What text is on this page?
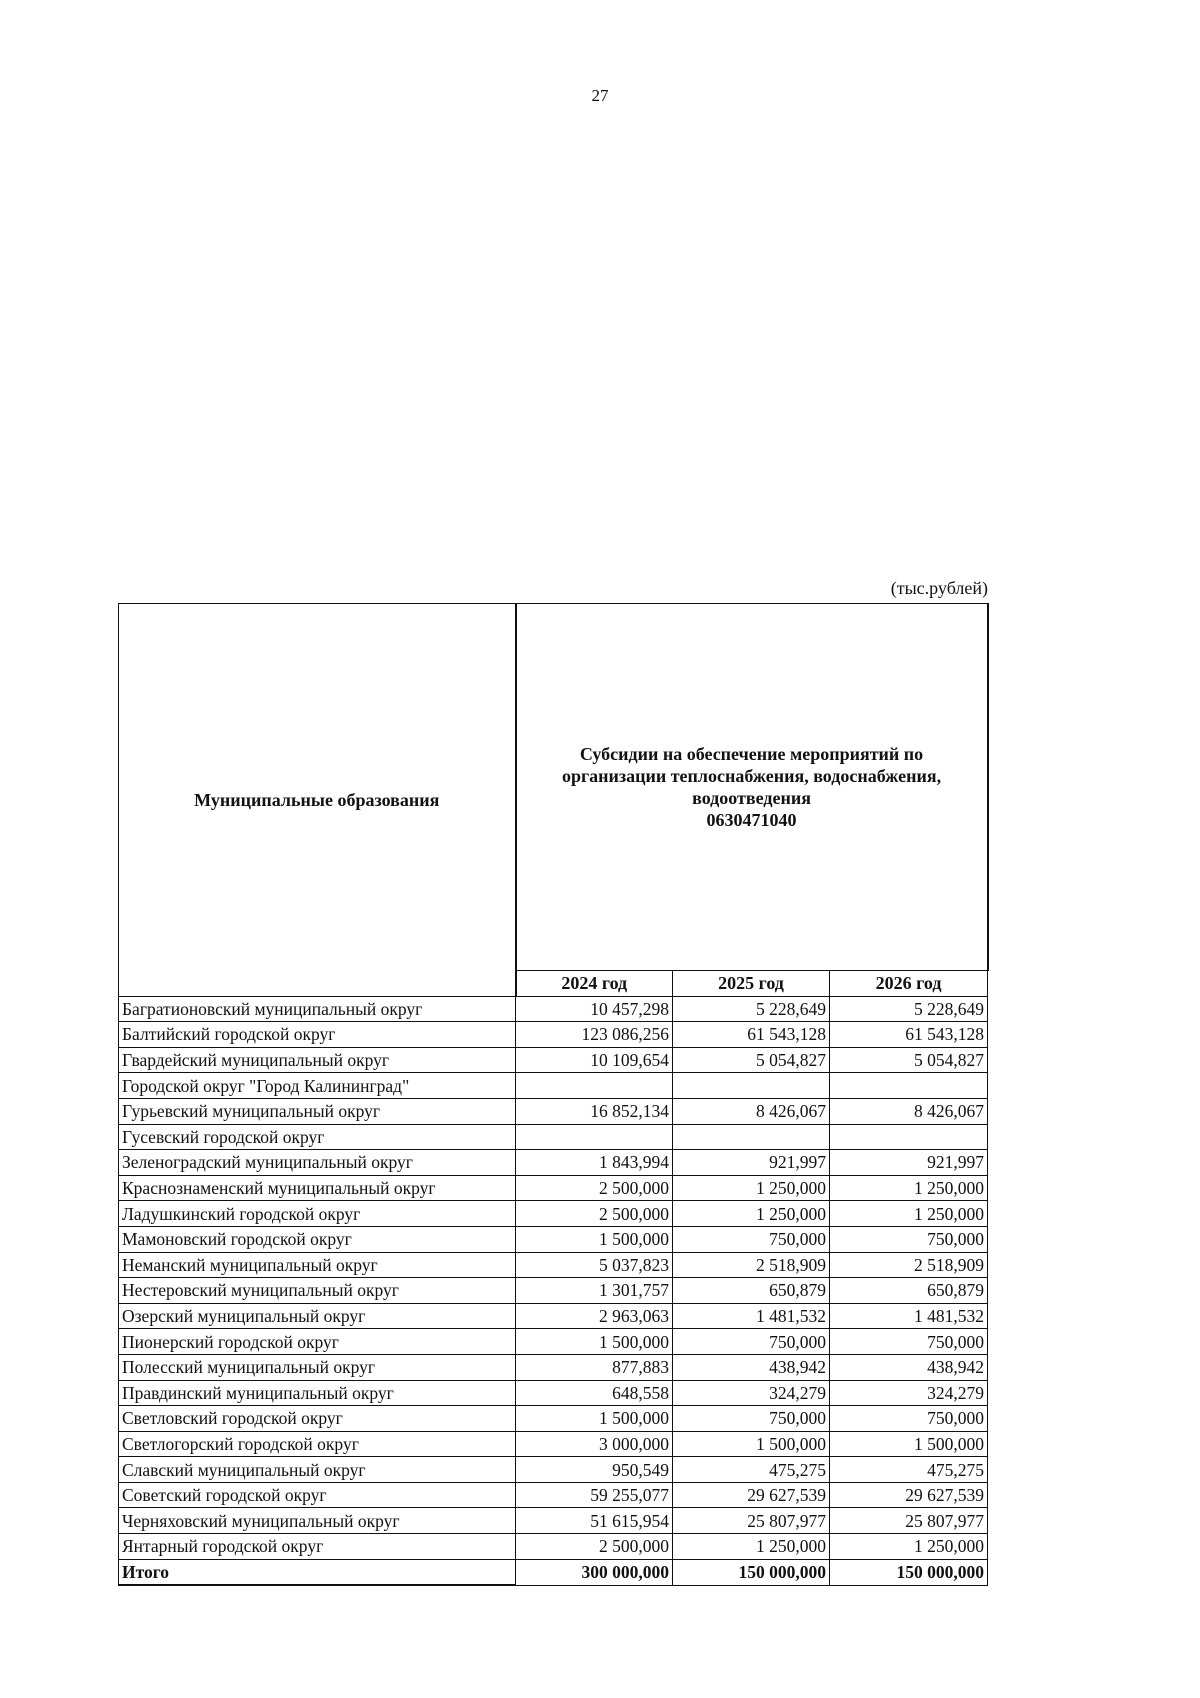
27
(тыс.рублей)
Муниципальные образования	Субсидии на обеспечение мероприятий по
организации теплоснабжения, водоснабжения,
водоотведения
0630471040		

	2024 год	2025 год	2026 год
Багратионовский муниципальный округ	10 457,298	5 228,649	5 228,649
Балтийский городской округ	123 086,256	61 543,128	61 543,128
Гвардейский муниципальный округ	10 109,654	5 054,827	5 054,827
Городской округ "Город Калининград"			
Гурьевский муниципальный округ	16 852,134	8 426,067	8 426,067
Гусевский городской округ			
Зеленоградский муниципальный округ	1 843,994	921,997	921,997
Краснознаменский муниципальный округ	2 500,000	1 250,000	1 250,000
Ладушкинский городской округ	2 500,000	1 250,000	1 250,000
Мамоновский городской округ	1 500,000	750,000	750,000
Неманский муниципальный округ	5 037,823	2 518,909	2 518,909
Нестеровский муниципальный округ	1 301,757	650,879	650,879
Озерский муниципальный округ	2 963,063	1 481,532	1 481,532
Пионерский городской округ	1 500,000	750,000	750,000
Полесский муниципальный округ	877,883	438,942	438,942
Правдинский муниципальный округ	648,558	324,279	324,279
Светловский городской округ	1 500,000	750,000	750,000
Светлогорский городской округ	3 000,000	1 500,000	1 500,000
Славский муниципальный округ	950,549	475,275	475,275
Советский городской округ	59 255,077	29 627,539	29 627,539
Черняховский муниципальный округ	51 615,954	25 807,977	25 807,977
Янтарный городской округ	2 500,000	1 250,000	1 250,000
Итого	300 000,000	150 000,000	150 000,000
